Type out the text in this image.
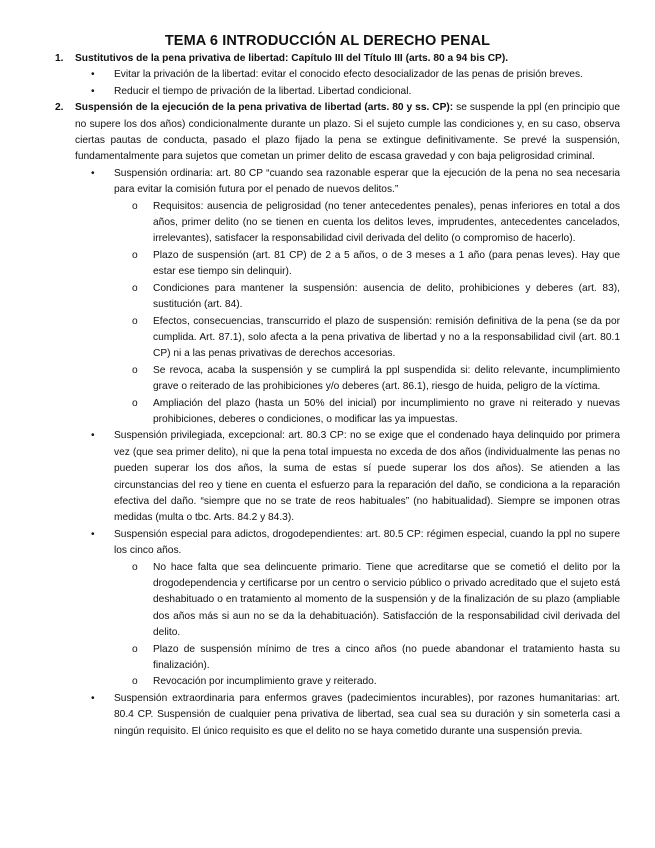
TEMA 6 INTRODUCCIÓN AL DERECHO PENAL
1. Sustitutivos de la pena privativa de libertad: Capítulo III del Título III (arts. 80 a 94 bis CP).
• Evitar la privación de la libertad: evitar el conocido efecto desocializador de las penas de prisión breves.

• Reducir el tiempo de privación de la libertad. Libertad condicional.

2. Suspensión de la ejecución de la pena privativa de libertad (arts. 80 y ss. CP): se suspende la ppl (en principio que no supere los dos años) condicionalmente durante un plazo. Si el sujeto cumple las condiciones y, en su caso, observa ciertas pautas de conducta, pasado el plazo fijado la pena se extingue definitivamente. Se prevé la suspensión, fundamentalmente para sujetos que cometan un primer delito de escasa gravedad y con baja peligrosidad criminal.
• Suspensión ordinaria: art. 80 CP “cuando sea razonable esperar que la ejecución de la pena no sea necesaria para evitar la comisión futura por el penado de nuevos delitos.”

o Requisitos: ausencia de peligrosidad (no tener antecedentes penales), penas inferiores en total a dos años, primer delito (no se tienen en cuenta los delitos leves, imprudentes, antecedentes cancelados, irrelevantes), satisfacer la responsabilidad civil derivada del delito (o compromiso de hacerlo).

o Plazo de suspensión (art. 81 CP) de 2 a 5 años, o de 3 meses a 1 año (para penas leves). Hay que estar ese tiempo sin delinquir).

o Condiciones para mantener la suspensión: ausencia de delito, prohibiciones y deberes (art. 83), sustitución (art. 84).

o Efectos, consecuencias, transcurrido el plazo de suspensión: remisión definitiva de la pena (se da por cumplida. Art. 87.1), solo afecta a la pena privativa de libertad y no a la responsabilidad civil (art. 80.1 CP) ni a las penas privativas de derechos accesorias.

o Se revoca, acaba la suspensión y se cumplirá la ppl suspendida si: delito relevante, incumplimiento grave o reiterado de las prohibiciones y/o deberes (art. 86.1), riesgo de huida, peligro de la víctima.

o Ampliación del plazo (hasta un 50% del inicial) por incumplimiento no grave ni reiterado y nuevas prohibiciones, deberes o condiciones, o modificar las ya impuestas.

• Suspensión privilegiada, excepcional: art. 80.3 CP: no se exige que el condenado haya delinquido por primera vez (que sea primer delito), ni que la pena total impuesta no exceda de dos años (individualmente las penas no pueden superar los dos años, la suma de estas sí puede superar los dos años). Se atienden a las circunstancias del reo y tiene en cuenta el esfuerzo para la reparación del daño, se condiciona a la reparación efectiva del daño. “siempre que no se trate de reos habituales” (no habitualidad). Siempre se imponen otras medidas (multa o tbc. Arts. 84.2 y 84.3).

• Suspensión especial para adictos, drogodependientes: art. 80.5 CP: régimen especial, cuando la ppl no supere los cinco años.

o No hace falta que sea delincuente primario. Tiene que acreditarse que se cometió el delito por la drogodependencia y certificarse por un centro o servicio público o privado acreditado que el sujeto está deshabituado o en tratamiento al momento de la suspensión y de la finalización de su plazo (ampliable dos años más si aun no se da la dehabituación). Satisfacción de la responsabilidad civil derivada del delito.

o Plazo de suspensión mínimo de tres a cinco años (no puede abandonar el tratamiento hasta su finalización).

o Revocación por incumplimiento grave y reiterado.

• Suspensión extraordinaria para enfermos graves (padecimientos incurables), por razones humanitarias: art. 80.4 CP. Suspensión de cualquier pena privativa de libertad, sea cual sea su duración y sin someterla casi a ningún requisito. El único requisito es que el delito no se haya cometido durante una suspensión previa.
